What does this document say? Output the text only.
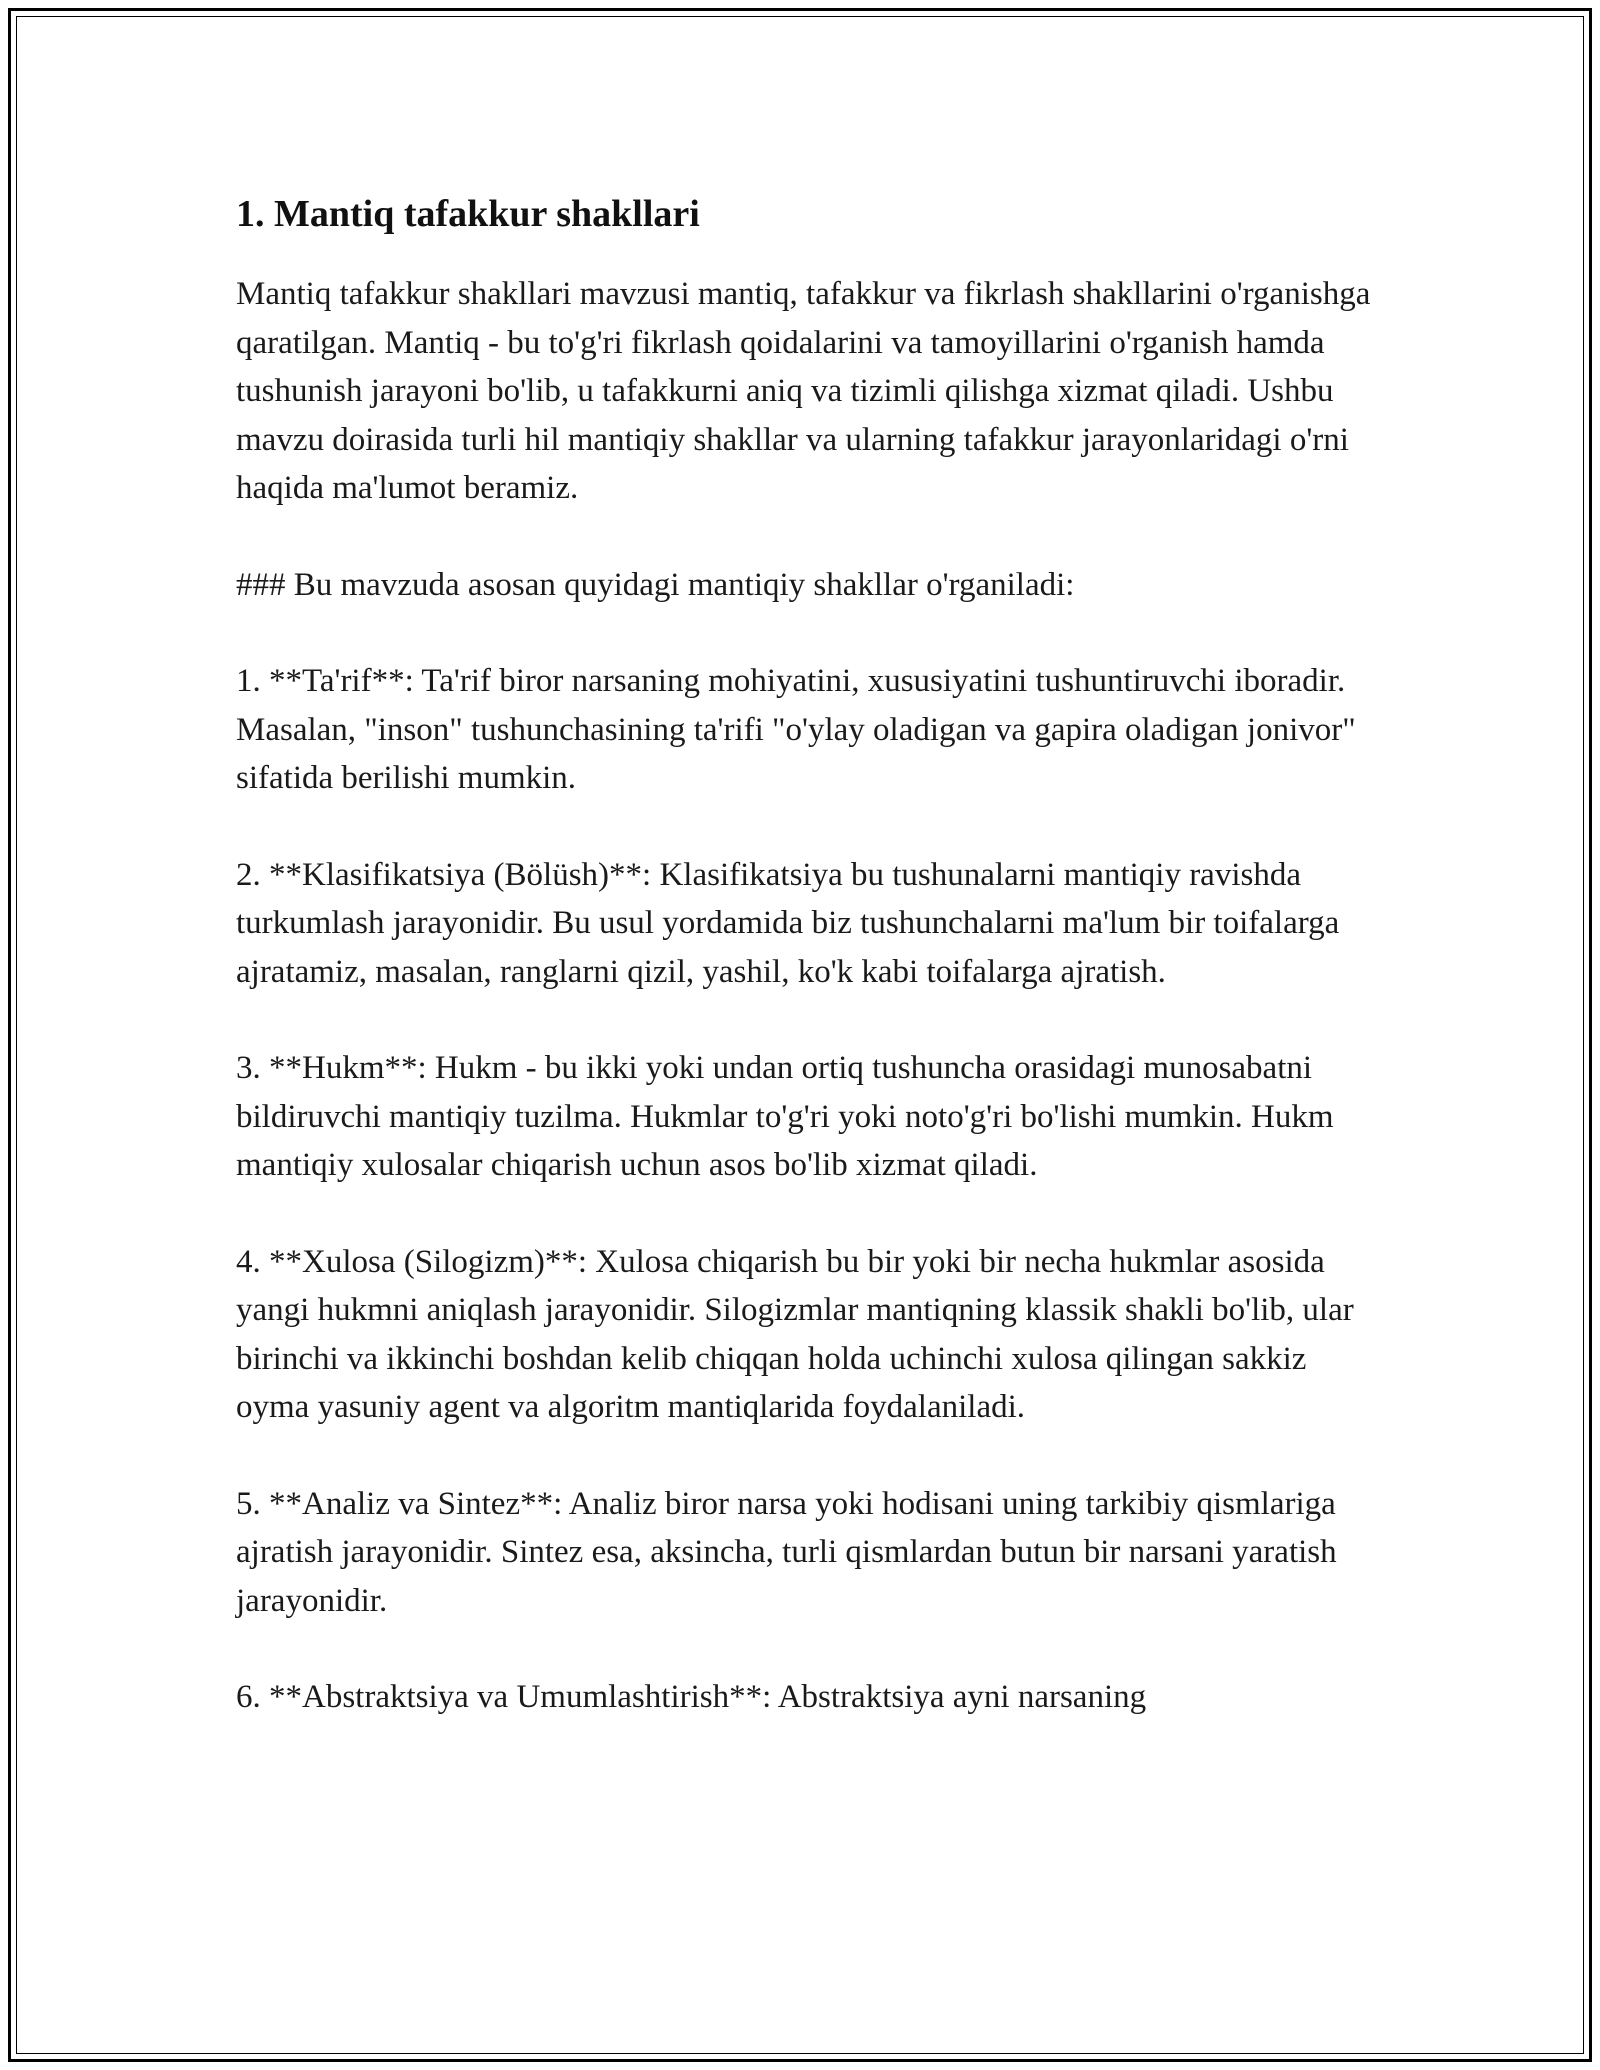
1. Mantiq tafakkur shakllari

Mantiq tafakkur shakllari mavzusi mantiq, tafakkur va fikrlash shakllarini o'rganishga qaratilgan. Mantiq - bu to'g'ri fikrlash qoidalarini va tamoyillarini o'rganish hamda tushunish jarayoni bo'lib, u tafakkurni aniq va tizimli qilishga xizmat qiladi. Ushbu mavzu doirasida turli hil mantiqiy shakllar va ularning tafakkur jarayonlaridagi o'rni haqida ma'lumot beramiz.

### Bu mavzuda asosan quyidagi mantiqiy shakllar o'rganiladi:

1. **Ta'rif**: Ta'rif biror narsaning mohiyatini, xususiyatini tushuntiruvchi iboradir. Masalan, "inson" tushunchasining ta'rifi "o'ylay oladigan va gapira oladigan jonivor" sifatida berilishi mumkin.

2. **Klasifikatsiya (Bölüsh)**: Klasifikatsiya bu tushunalarni mantiqiy ravishda turkumlash jarayonidir. Bu usul yordamida biz tushunchalarni ma'lum bir toifalarga ajratamiz, masalan, ranglarni qizil, yashil, ko'k kabi toifalarga ajratish.

3. **Hukm**: Hukm - bu ikki yoki undan ortiq tushuncha orasidagi munosabatni bildiruvchi mantiqiy tuzilma. Hukmlar to'g'ri yoki noto'g'ri bo'lishi mumkin. Hukm mantiqiy xulosalar chiqarish uchun asos bo'lib xizmat qiladi.

4. **Xulosa (Silogizm)**: Xulosa chiqarish bu bir yoki bir necha hukmlar asosida yangi hukmni aniqlash jarayonidir. Silogizmlar mantiqning klassik shakli bo'lib, ular birinchi va ikkinchi boshdan kelib chiqqan holda uchinchi xulosa qilingan sakkiz oyma yasuniy agent va algoritm mantiqlarida foydalaniladi.

5. **Analiz va Sintez**: Analiz biror narsa yoki hodisani uning tarkibiy qismlariga ajratish jarayonidir. Sintez esa, aksincha, turli qismlardan butun bir narsani yaratish jarayonidir.

6. **Abstraktsiya va Umumlashtirish**: Abstraktsiya ayni narsaning
